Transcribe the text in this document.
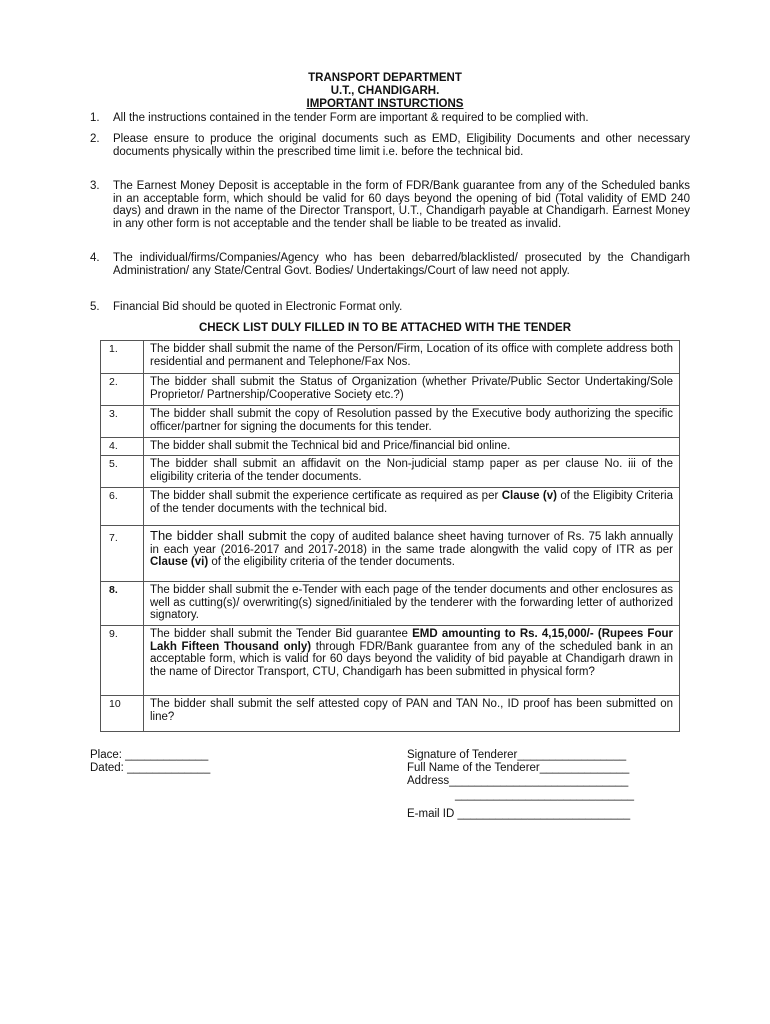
TRANSPORT DEPARTMENT
U.T., CHANDIGARH.
IMPORTANT INSTURCTIONS
1. All the instructions contained in the tender Form are important & required to be complied with.
2. Please ensure to produce the original documents such as EMD, Eligibility Documents and other necessary documents physically within the prescribed time limit i.e. before the technical bid.
3. The Earnest Money Deposit is acceptable in the form of FDR/Bank guarantee from any of the Scheduled banks in an acceptable form, which should be valid for 60 days beyond the opening of bid (Total validity of EMD 240 days) and drawn in the name of the Director Transport, U.T., Chandigarh payable at Chandigarh. Earnest Money in any other form is not acceptable and the tender shall be liable to be treated as invalid.
4. The individual/firms/Companies/Agency who has been debarred/blacklisted/ prosecuted by the Chandigarh Administration/ any State/Central Govt. Bodies/ Undertakings/Court of law need not apply.
5. Financial Bid should be quoted in Electronic Format only.
CHECK LIST DULY FILLED IN TO BE ATTACHED WITH THE TENDER
1.	The bidder shall submit the name of the Person/Firm, Location of its office with complete address both residential and permanent and Telephone/Fax Nos.
2.	The bidder shall submit the Status of Organization (whether Private/Public Sector Undertaking/Sole Proprietor/ Partnership/Cooperative Society etc.?)
3.	The bidder shall submit the copy of Resolution passed by the Executive body authorizing the specific officer/partner for signing the documents for this tender.
4.	The bidder shall submit the Technical bid and Price/financial bid online.
5.	The bidder shall submit an affidavit on the Non-judicial stamp paper as per clause No. iii of the eligibility criteria of the tender documents.
6.	The bidder shall submit the experience certificate as required as per Clause (v) of the Eligibity Criteria of the tender documents with the technical bid.
7.	The bidder shall submit the copy of audited balance sheet having turnover of Rs. 75 lakh annually in each year (2016-2017 and 2017-2018) in the same trade alongwith the valid copy of ITR as per Clause (vi) of the eligibility criteria of the tender documents.
8.	The bidder shall submit the e-Tender with each page of the tender documents and other enclosures as well as cutting(s)/ overwriting(s) signed/initialed by the tenderer with the forwarding letter of authorized signatory.
9.	The bidder shall submit the Tender Bid guarantee EMD amounting to Rs. 4,15,000/- (Rupees Four Lakh Fifteen Thousand only) through FDR/Bank guarantee from any of the scheduled bank in an acceptable form, which is valid for 60 days beyond the validity of bid payable at Chandigarh drawn in the name of Director Transport, CTU, Chandigarh has been submitted in physical form?
10	The bidder shall submit the self attested copy of PAN and TAN No., ID proof has been submitted on line?
Place: _____________
Dated: _____________
Signature of Tenderer_________________
Full Name of the Tenderer______________
Address____________________________
____________________________
E-mail ID ___________________________
